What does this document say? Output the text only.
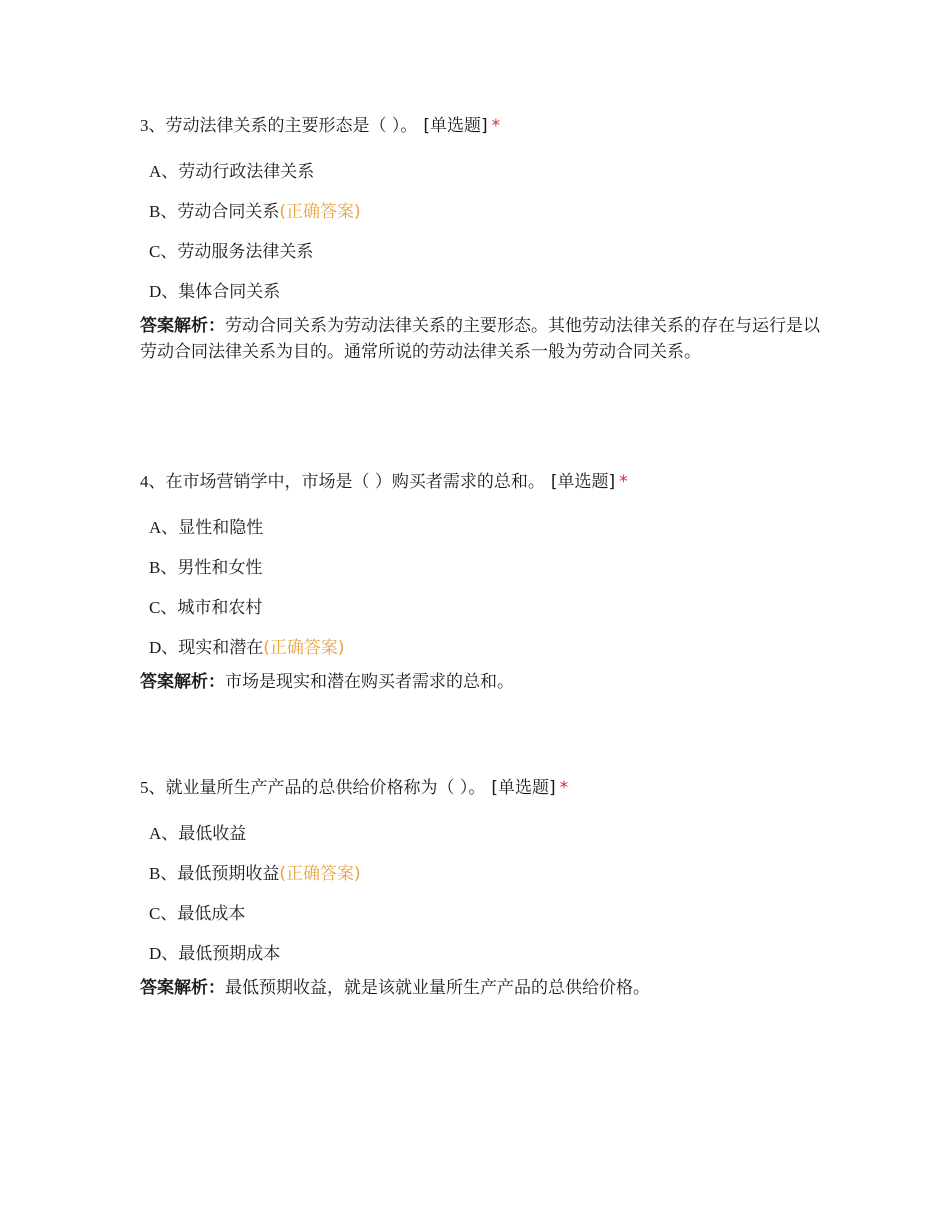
3、劳动法律关系的主要形态是（ ）。 [单选题] *
A、劳动行政法律关系
B、劳动合同关系(正确答案)
C、劳动服务法律关系
D、集体合同关系
答案解析：劳动合同关系为劳动法律关系的主要形态。其他劳动法律关系的存在与运行是以劳动合同法律关系为目的。通常所说的劳动法律关系一般为劳动合同关系。
4、在市场营销学中，市场是（ ）购买者需求的总和。 [单选题] *
A、显性和隐性
B、男性和女性
C、城市和农村
D、现实和潜在(正确答案)
答案解析：市场是现实和潜在购买者需求的总和。
5、就业量所生产产品的总供给价格称为（ ）。 [单选题] *
A、最低收益
B、最低预期收益(正确答案)
C、最低成本
D、最低预期成本
答案解析：最低预期收益，就是该就业量所生产产品的总供给价格。
